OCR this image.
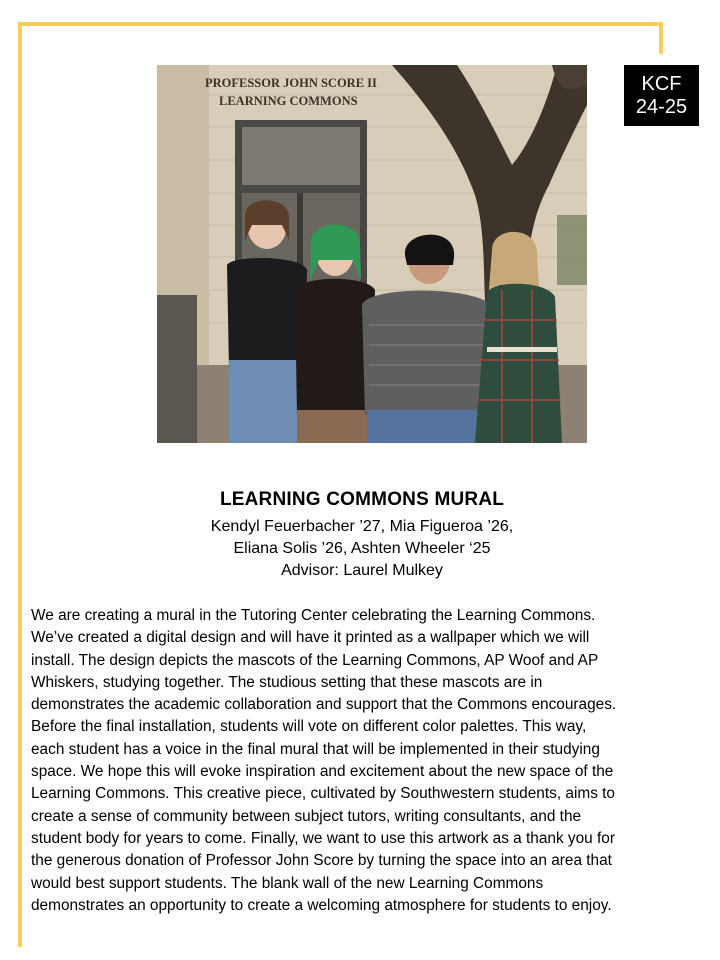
KCF
24-25
PROFESSOR JOHN SCORE II
LEARNING COMMONS
LEARNING COMMONS MURAL
Kendyl Feuerbacher ’27, Mia Figueroa ’26,
Eliana Solis ’26, Ashten Wheeler ‘25
Advisor: Laurel Mulkey
We are creating a mural in the Tutoring Center celebrating the Learning Commons.
We’ve created a digital design and will have it printed as a wallpaper which we will
install. The design depicts the mascots of the Learning Commons, AP Woof and AP
Whiskers, studying together. The studious setting that these mascots are in
demonstrates the academic collaboration and support that the Commons encourages.
Before the final installation, students will vote on different color palettes. This way,
each student has a voice in the final mural that will be implemented in their studying
space. We hope this will evoke inspiration and excitement about the new space of the
Learning Commons. This creative piece, cultivated by Southwestern students, aims to
create a sense of community between subject tutors, writing consultants, and the
student body for years to come. Finally, we want to use this artwork as a thank you for
the generous donation of Professor John Score by turning the space into an area that
would best support students. The blank wall of the new Learning Commons
demonstrates an opportunity to create a welcoming atmosphere for students to enjoy.
